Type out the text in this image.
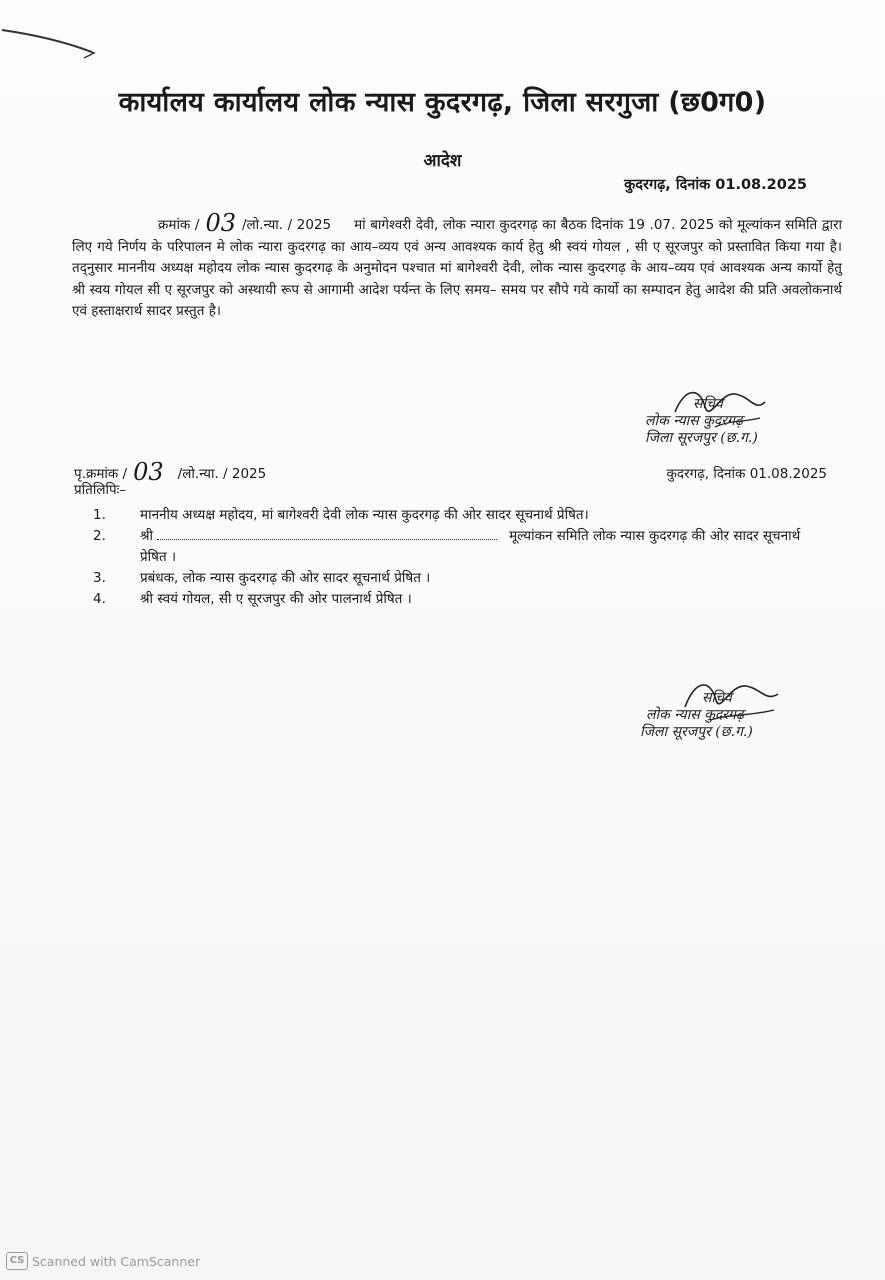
कार्यालय कार्यालय लोक न्यास कुदरगढ़, जिला सरगुजा (छ0ग0)
आदेश
कुदरगढ़, दिनांक 01.08.2025
क्रमांक / 03 /लो.न्या. / 2025 मां बागेश्वरी देवी, लोक न्यारा कुदरगढ़ का बैठक दिनांक 19 .07. 2025 को मूल्यांकन समिति द्वारा लिए गये निर्णय के परिपालन मे लोक न्यारा कुदरगढ़ का आय–व्यय एवं अन्य आवश्यक कार्य हेतु श्री स्वयं गोयल , सी ए सूरजपुर को प्रस्तावित किया गया है। तद्नुसार माननीय अध्यक्ष महोदय लोक न्यास कुदरगढ़ के अनुमोदन पश्चात मां बागेश्वरी देवी, लोक न्यास कुदरगढ़ के आय–व्यय एवं आवश्यक अन्य कार्यो हेतु श्री स्वय गोयल सी ए सूरजपुर को अस्थायी रूप से आगामी आदेश पर्यन्त के लिए समय– समय पर सौपे गये कार्यो का सम्पादन हेतु आदेश की प्रति अवलोकनार्थ एवं हस्ताक्षरार्थ सादर प्रस्तुत है।
सचिव
लोक न्यास कुदरगढ़
जिला सूरजपुर (छ.ग.)
पृ.क्रमांक / 03 /लो.न्या. / 2025	कुदरगढ़, दिनांक 01.08.2025
प्रतिलिपिः–
1.	माननीय अध्यक्ष महोदय, मां बागेश्वरी देवी लोक न्यास कुदरगढ़ की ओर सादर सूचनार्थ प्रेषित।
2.	श्री	मूल्यांकन समिति लोक न्यास कुदरगढ़ की ओर सादर सूचनार्थ प्रेषित ।
3.	प्रबंधक, लोक न्यास कुदरगढ़ की ओर सादर सूचनार्थ प्रेषित ।
4.	श्री स्वयं गोयल, सी ए सूरजपुर की ओर पालनार्थ प्रेषित ।
सचिव
लोक न्यास कुदरगढ़
जिला सूरजपुर (छ.ग.)
CS Scanned with CamScanner
